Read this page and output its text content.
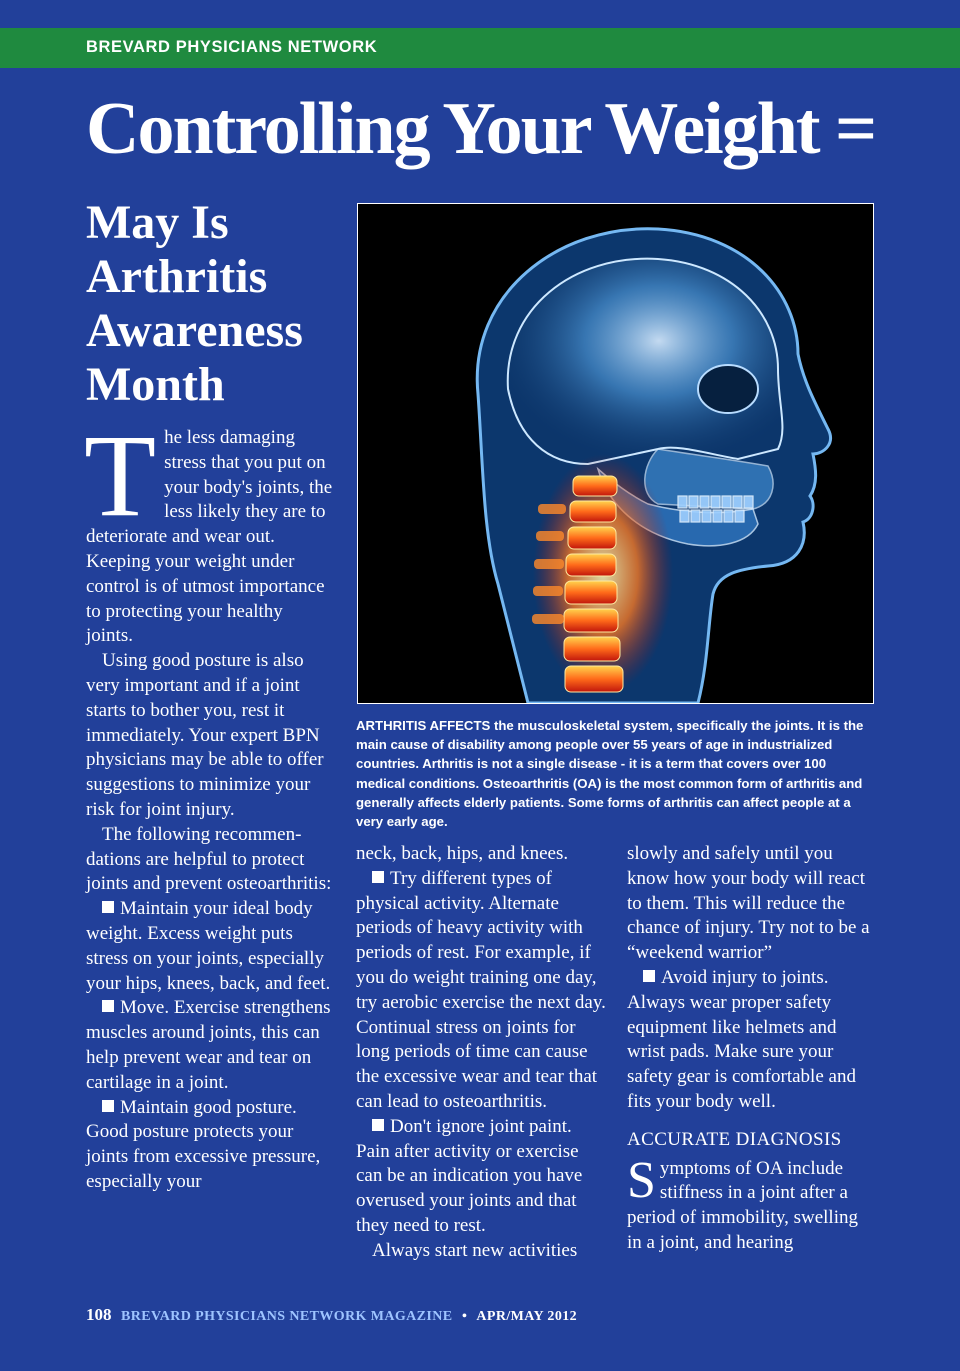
BREVARD PHYSICIANS NETWORK
Controlling Your Weight =
May Is Arthritis Awareness Month

ARTHRITIS AFFECTS the musculoskeletal system, specifically the joints. It is the main cause of disability among people over 55 years of age in industrialized countries. Arthritis is not a single disease - it is a term that covers over 100 medical conditions. Osteoarthritis (OA) is the most common form of arthritis and generally affects elderly patients. Some forms of arthritis can affect people at a very early age.

The less damaging stress that you put on your body's joints, the less likely they are to deteriorate and wear out. Keeping your weight under control is of utmost importance to protecting your healthy joints.

Using good posture is also very important and if a joint starts to bother you, rest it immediately. Your expert BPN physicians may be able to offer suggestions to minimize your risk for joint injury.

The following recommendations are helpful to protect joints and prevent osteoarthritis:

Maintain your ideal body weight. Excess weight puts stress on your joints, especially your hips, knees, back, and feet.

Move. Exercise strengthens muscles around joints, this can help prevent wear and tear on cartilage in a joint.

Maintain good posture. Good posture protects your joints from excessive pressure, especially your

neck, back, hips, and knees.

Try different types of physical activity. Alternate periods of heavy activity with periods of rest. For example, if you do weight training one day, try aerobic exercise the next day. Continual stress on joints for long periods of time can cause the excessive wear and tear that can lead to osteoarthritis.

Don't ignore joint paint. Pain after activity or exercise can be an indication you have overused your joints and that they need to rest.

Always start new activities

slowly and safely until you know how your body will react to them. This will reduce the chance of injury. Try not to be a “weekend warrior”

Avoid injury to joints. Always wear proper safety equipment like helmets and wrist pads. Make sure your safety gear is comfortable and fits your body well.

ACCURATE DIAGNOSIS

Symptoms of OA include stiffness in a joint after a period of immobility, swelling in a joint, and hearing

108 BREVARD PHYSICIANS NETWORK MAGAZINE • APR/MAY 2012
